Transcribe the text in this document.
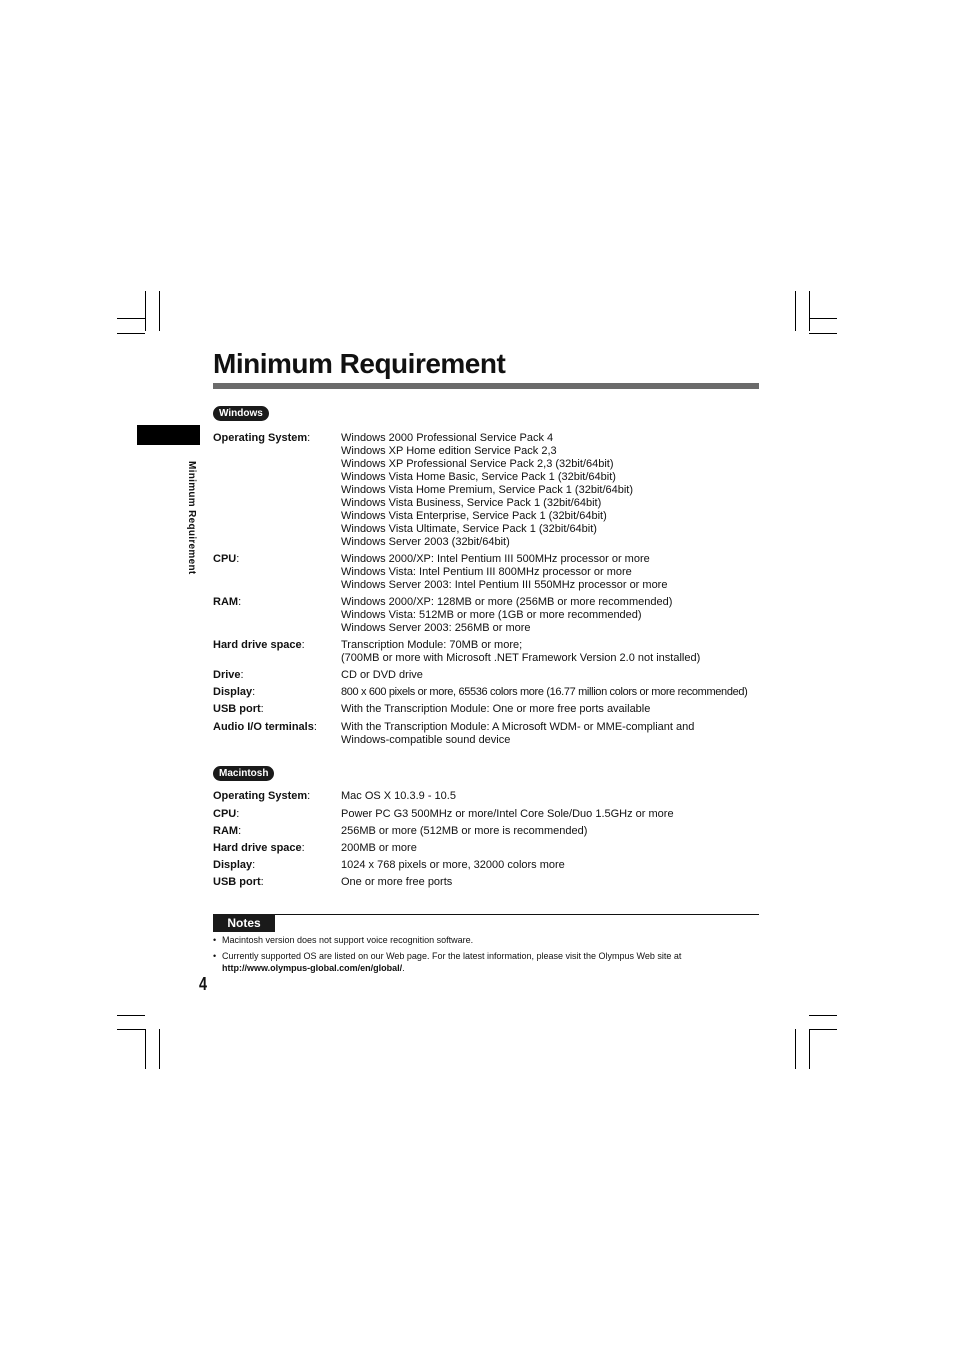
Minimum Requirement
Minimum Requirement
Windows
Operating System:	Windows 2000 Professional Service Pack 4
Windows XP Home edition Service Pack 2,3
Windows XP Professional Service Pack 2,3 (32bit/64bit)
Windows Vista Home Basic, Service Pack 1 (32bit/64bit)
Windows Vista Home Premium, Service Pack 1 (32bit/64bit)
Windows Vista Business, Service Pack 1 (32bit/64bit)
Windows Vista Enterprise, Service Pack 1 (32bit/64bit)
Windows Vista Ultimate, Service Pack 1 (32bit/64bit)
Windows Server 2003 (32bit/64bit)
CPU:	Windows 2000/XP: Intel Pentium III 500MHz processor or more
Windows Vista: Intel Pentium III 800MHz processor or more
Windows Server 2003: Intel Pentium III 550MHz processor or more
RAM:	Windows 2000/XP: 128MB or more (256MB or more recommended)
Windows Vista: 512MB or more (1GB or more recommended)
Windows Server 2003: 256MB or more
Hard drive space:	Transcription Module: 70MB or more;
(700MB or more with Microsoft .NET Framework Version 2.0 not installed)
Drive:	CD or DVD drive
Display:	800 x 600 pixels or more, 65536 colors more (16.77 million colors or more recommended)
USB port:	With the Transcription Module: One or more free ports available
Audio I/O terminals:	With the Transcription Module: A Microsoft WDM- or MME-compliant and
Windows-compatible sound device
Macintosh
Operating System:	Mac OS X 10.3.9 - 10.5
CPU:	Power PC G3 500MHz or more/Intel Core Sole/Duo 1.5GHz or more
RAM:	256MB or more (512MB or more is recommended)
Hard drive space:	200MB or more
Display:	1024 x 768 pixels or more, 32000 colors more
USB port:	One or more free ports
Notes
• Macintosh version does not support voice recognition software.
• Currently supported OS are listed on our Web page. For the latest information, please visit the Olympus Web site at
http://www.olympus-global.com/en/global/.
4
